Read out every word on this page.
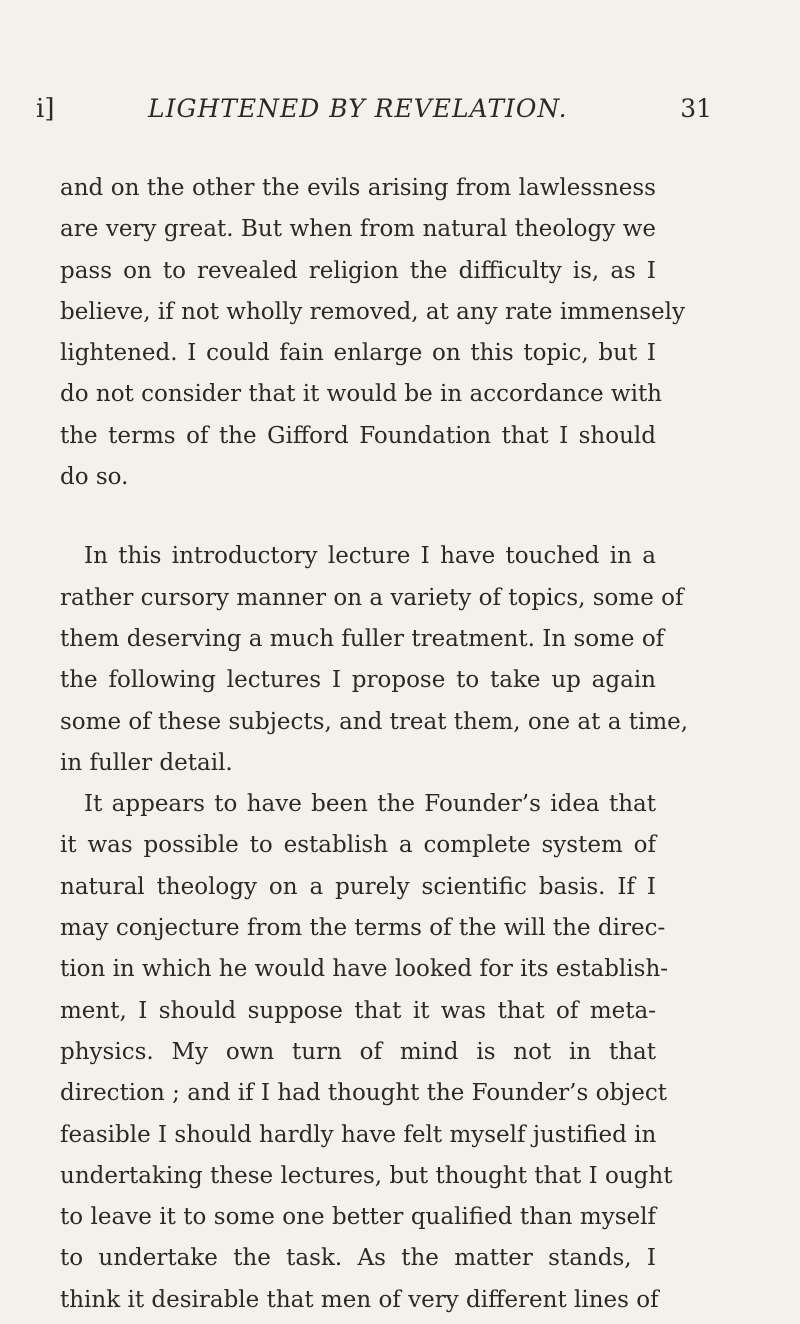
i]	LIGHTENED BY REVELATION.	31
and on the other the evils arising from lawlessness
are very great. But when from natural theology we
pass on to revealed religion the difficulty is, as I
believe, if not wholly removed, at any rate immensely
lightened. I could fain enlarge on this topic, but I
do not consider that it would be in accordance with
the terms of the Gifford Foundation that I should
do so.
In this introductory lecture I have touched in a
rather cursory manner on a variety of topics, some of
them deserving a much fuller treatment. In some of
the following lectures I propose to take up again
some of these subjects, and treat them, one at a time,
in fuller detail.
It appears to have been the Founder’s idea that
it was possible to establish a complete system of
natural theology on a purely scientific basis. If I
may conjecture from the terms of the will the direc-
tion in which he would have looked for its establish-
ment, I should suppose that it was that of meta-
physics. My own turn of mind is not in that
direction ; and if I had thought the Founder’s object
feasible I should hardly have felt myself justified in
undertaking these lectures, but thought that I ought
to leave it to some one better qualified than myself
to undertake the task. As the matter stands, I
think it desirable that men of very different lines of
